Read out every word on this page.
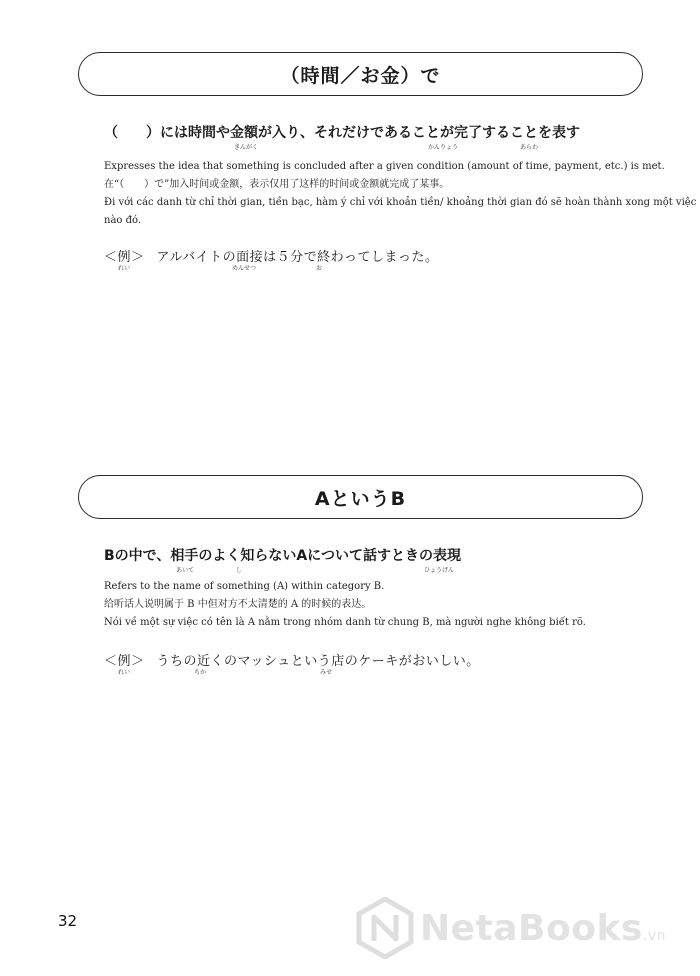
（時間／お金）で
（　　）には時間や金額が入り、それだけであることが完了することを表す
きんがく	かんりょう	あらわ
Expresses the idea that something is concluded after a given condition (amount of time, payment, etc.) is met.
在“（　　）で”加入时间或金额，表示仅用了这样的时间或金额就完成了某事。
Đi với các danh từ chỉ thời gian, tiền bạc, hàm ý chỉ với khoản tiền/ khoảng thời gian đó sẽ hoàn thành xong một việc
nào đó.
＜例＞ アルバイトの面接は５分で終わってしまった。
れい	めんせつ	お
AというB
Bの中で、相手のよく知らないAについて話すときの表現
あいて	し	ひょうげん
Refers to the name of something (A) within category B.
给听话人说明属于 B 中但对方不太清楚的 A 的时候的表达。
Nói về một sự việc có tên là A nằm trong nhóm danh từ chung B, mà người nghe không biết rõ.
＜例＞ うちの近くのマッシュという店のケーキがおいしい。
れい	ちか	みせ
32	NetaBooks.vn
